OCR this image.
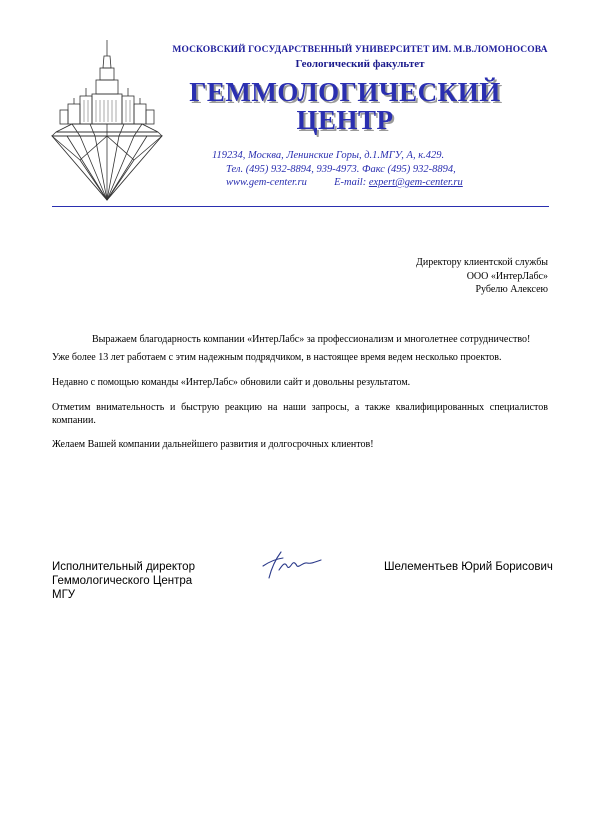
МОСКОВСКИЙ ГОСУДАРСТВЕННЫЙ УНИВЕРСИТЕТ ИМ. М.В.ЛОМОНОСОВА
Геологический факультет
ГЕММОЛОГИЧЕСКИЙ
ЦЕНТР
119234, Москва, Ленинские Горы, д.1.МГУ, А, к.429.
Тел. (495) 932-8894, 939-4973. Факс (495) 932-8894,
www.gem-center.ru	E-mail: expert@gem-center.ru
Директору клиентской службы
ООО «ИнтерЛабс»
Рубелю Алексею
Выражаем благодарность компании «ИнтерЛабс» за профессионализм и многолетнее сотрудничество!
Уже более 13 лет работаем с этим надежным подрядчиком, в настоящее время ведем несколько проектов.
Недавно с помощью команды «ИнтерЛабс» обновили сайт и довольны результатом.
Отметим внимательность и быструю реакцию на наши запросы, а также квалифицированных специалистов компании.
Желаем Вашей компании дальнейшего развития и долгосрочных клиентов!
Исполнительный директор
Геммологического Центра
МГУ
Шелементьев Юрий Борисович
